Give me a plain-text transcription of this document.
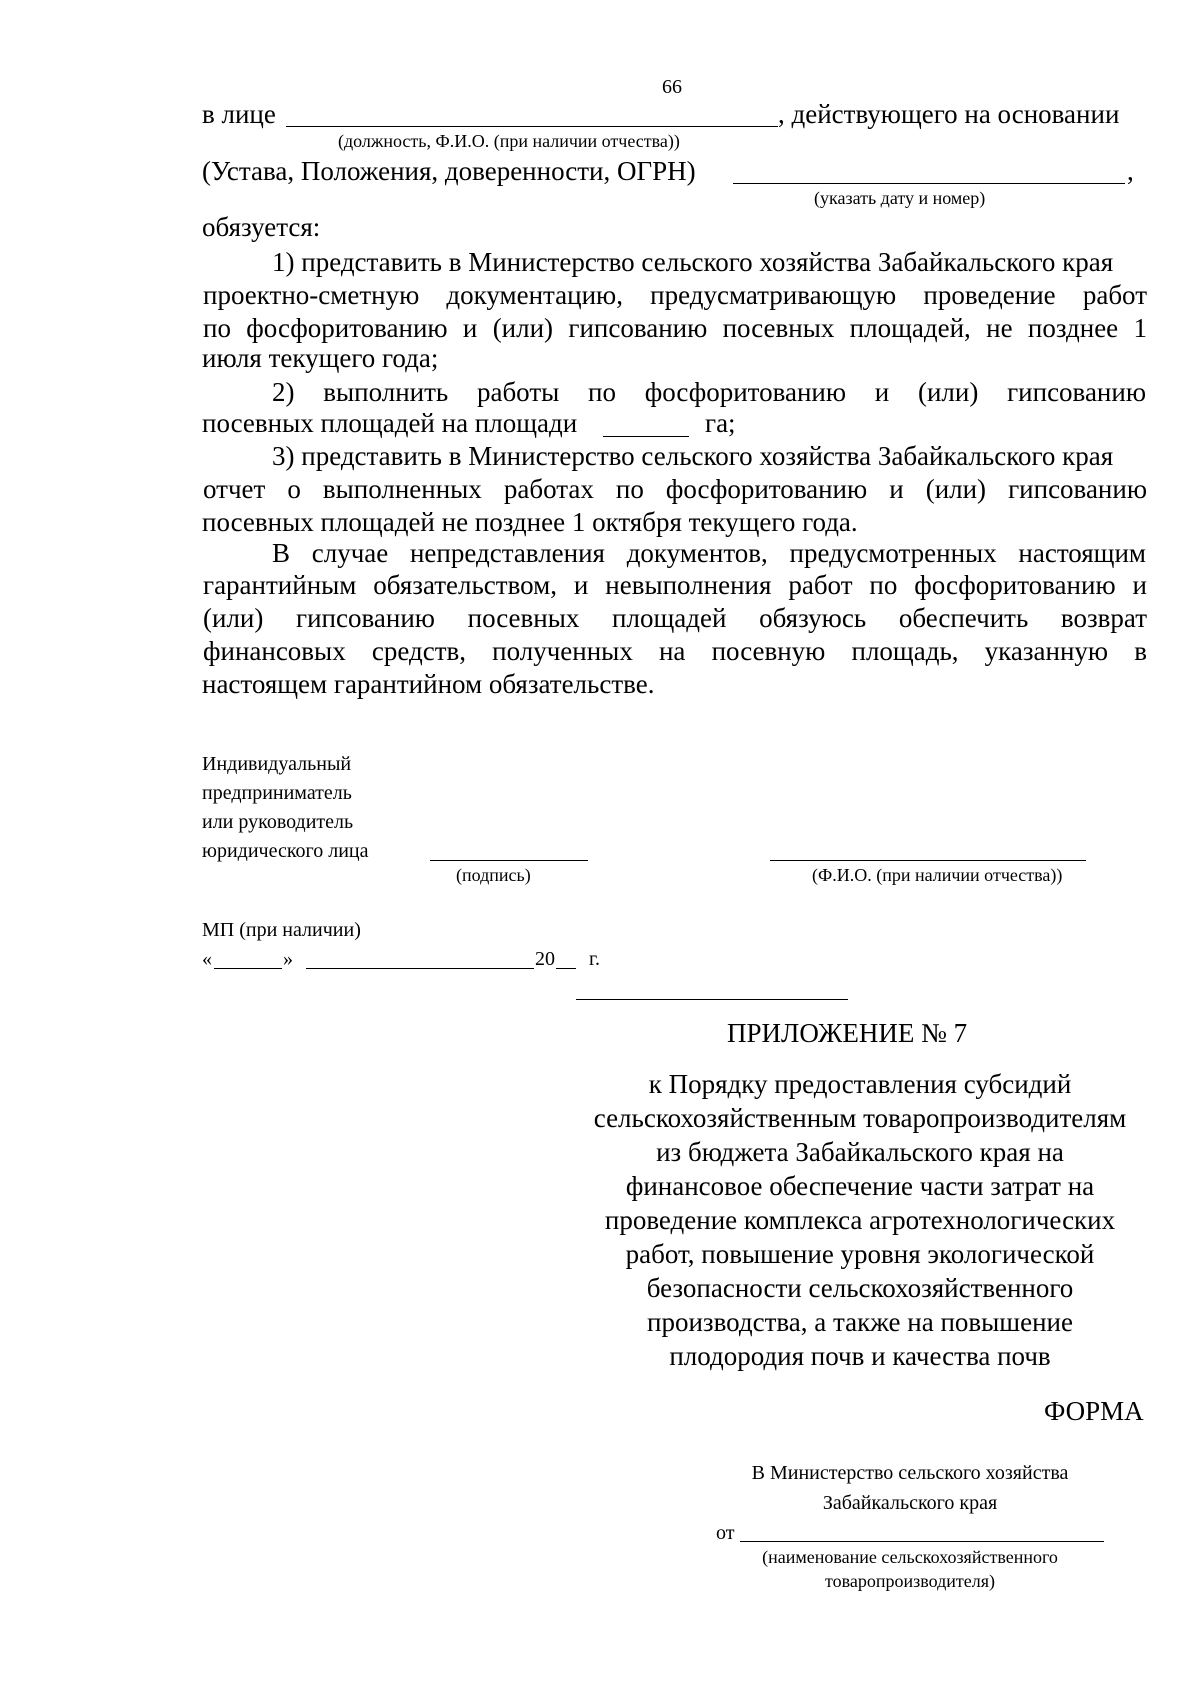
66
в лице	, действующего на основании
(должность, Ф.И.О. (при наличии отчества))
(Устава, Положения, доверенности, ОГРН)	,
(указать дату и номер)
обязуется:
1) представить в Министерство сельского хозяйства Забайкальского края
проектно-сметную документацию, предусматривающую проведение работ
по фосфоритованию и (или) гипсованию посевных площадей, не позднее 1
июля текущего года;
2) выполнить работы по фосфоритованию и (или) гипсованию
посевных площадей на площади	га;
3) представить в Министерство сельского хозяйства Забайкальского края
отчет о выполненных работах по фосфоритованию и (или) гипсованию
посевных площадей не позднее 1 октября текущего года.
В случае непредставления документов, предусмотренных настоящим
гарантийным обязательством, и невыполнения работ по фосфоритованию и
(или) гипсованию посевных площадей обязуюсь обеспечить возврат
финансовых средств, полученных на посевную площадь, указанную в
настоящем гарантийном обязательстве.
Индивидуальный
предприниматель
или руководитель
юридического лица
(подпись)	(Ф.И.О. (при наличии отчества))
МП (при наличии)
«	»	20 г.
ПРИЛОЖЕНИЕ № 7
к Порядку предоставления субсидий
сельскохозяйственным товаропроизводителям
из бюджета Забайкальского края на
финансовое обеспечение части затрат на
проведение комплекса агротехнологических
работ, повышение уровня экологической
безопасности сельскохозяйственного
производства, а также на повышение
плодородия почв и качества почв
ФОРМА
В Министерство сельского хозяйства
Забайкальского края
от
(наименование сельскохозяйственного
товаропроизводителя)
